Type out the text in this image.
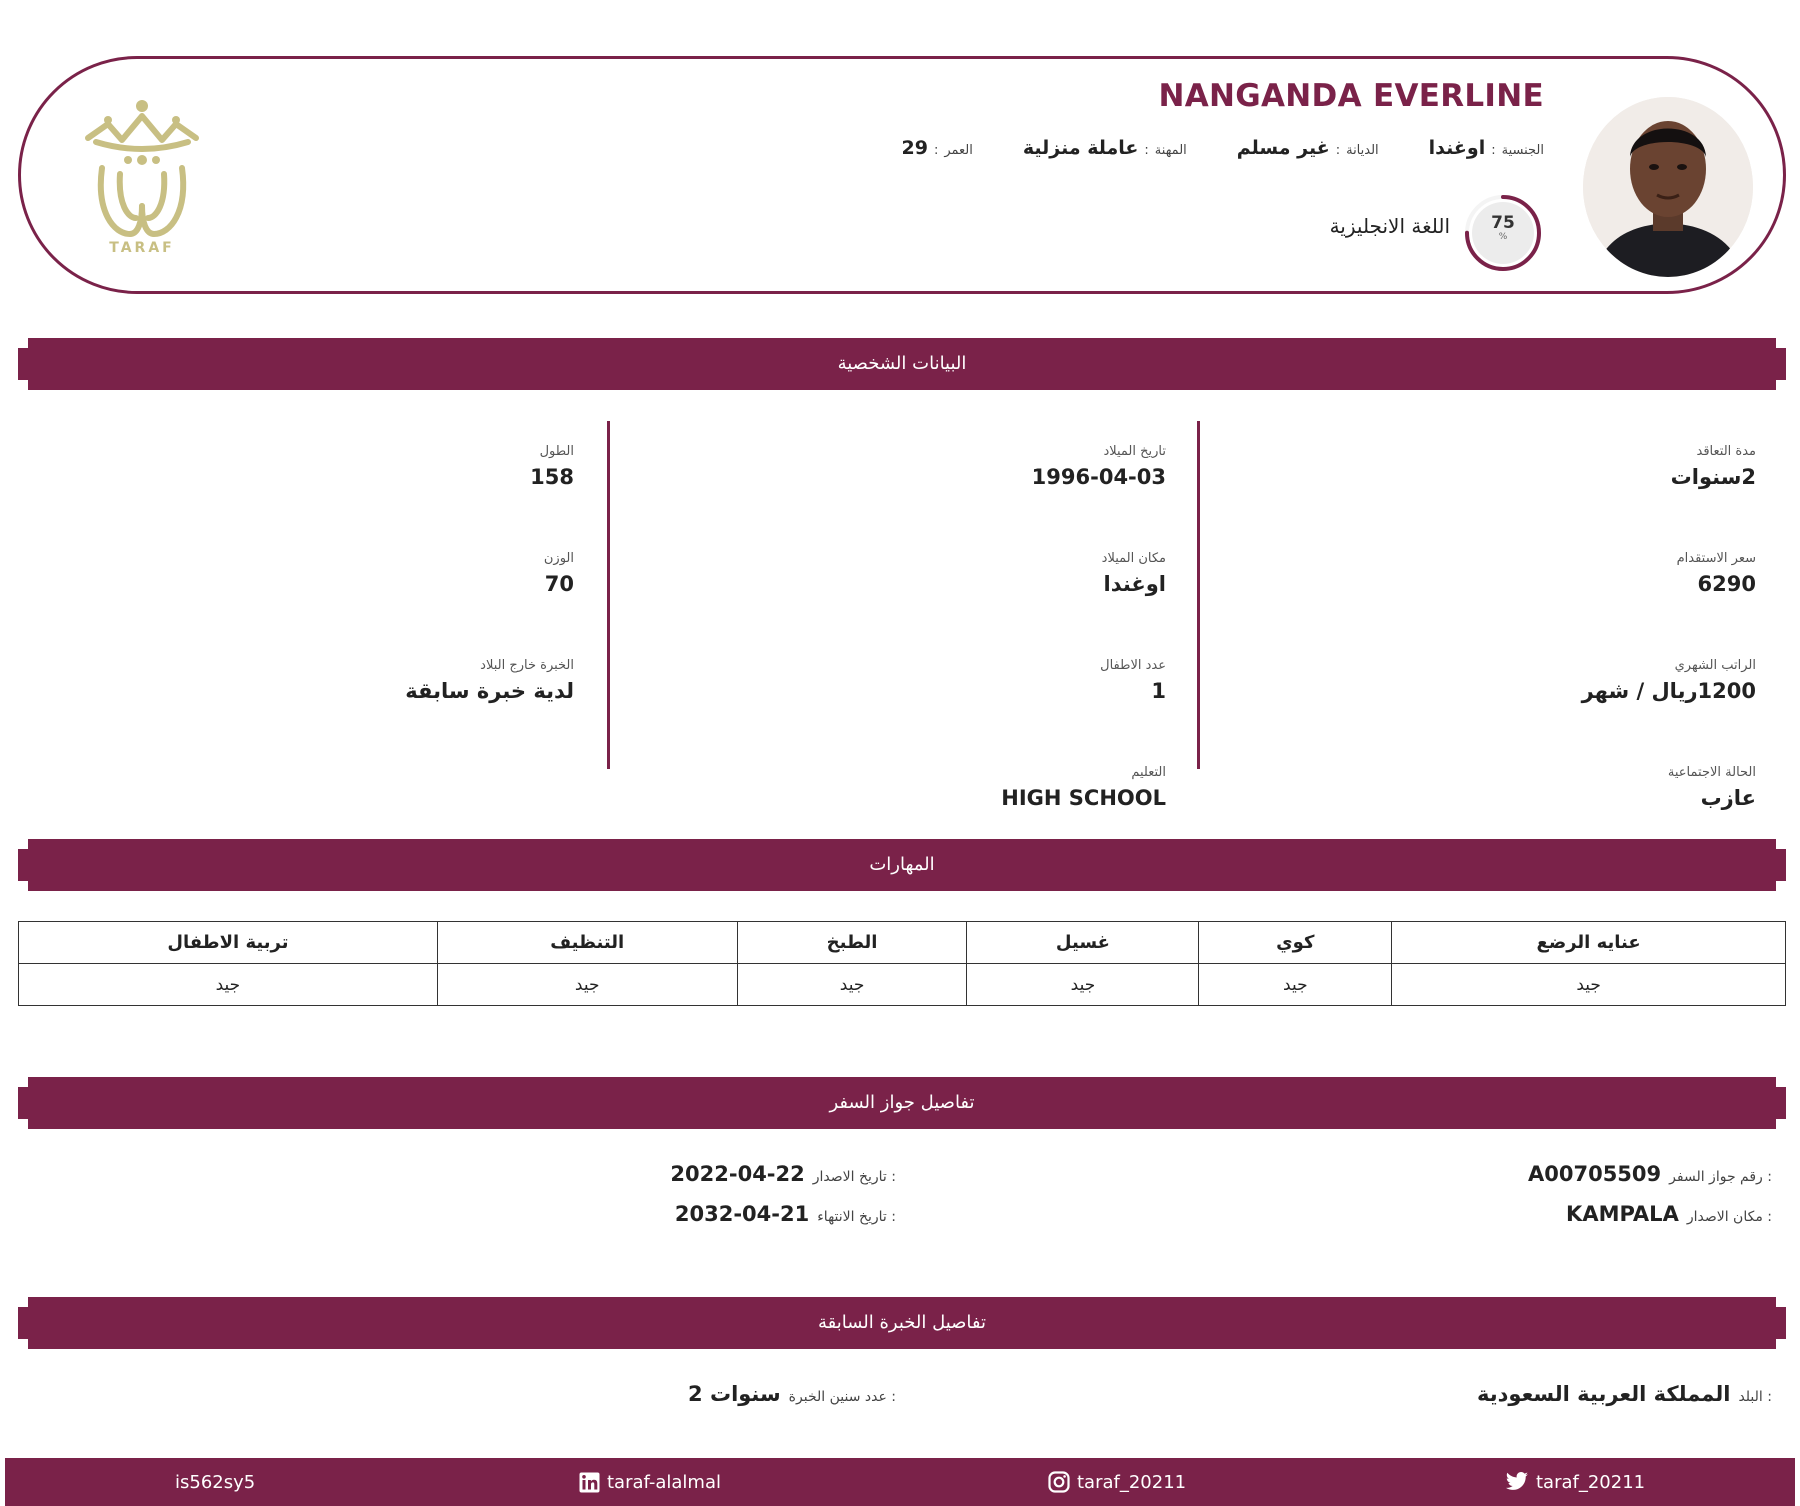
NANGANDA EVERLINE
الجنسية
:
اوغندا
الديانة
:
غير مسلم
المهنة
:
عاملة منزلية
العمر
:
29
75
%
اللغة الانجليزية
TARAF
البيانات الشخصية
مدة التعاقد
2سنوات
سعر الاستقدام
6290
الراتب الشهري
1200ريال / شهر
الحالة الاجتماعية
عازب
تاريخ الميلاد
1996-04-03
مكان الميلاد
اوغندا
عدد الاطفال
1
التعليم
HIGH SCHOOL
الطول
158
الوزن
70
الخبرة خارج البلاد
لدية خبرة سابقة
المهارات
عنايه الرضع	كوي	غسيل	الطبخ	التنظيف	تربية الاطفال
جيد	جيد	جيد	جيد	جيد	جيد
تفاصيل جواز السفر
رقم جواز السفر :
A00705509
مكان الاصدار :
KAMPALA
تاريخ الاصدار :
2022-04-22
تاريخ الانتهاء :
2032-04-21
تفاصيل الخبرة السابقة
البلد :
المملكة العربية السعودية
عدد سنين الخبرة :
2 سنوات
taraf_20211
taraf_20211
taraf-alalmal
is562sy5
